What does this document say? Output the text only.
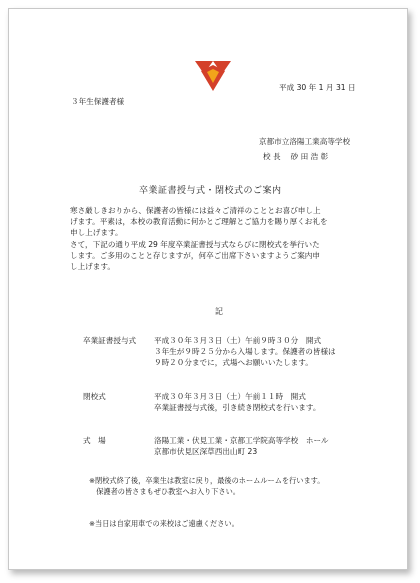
平成 30 年 1 月 31 日
３年生保護者様
京都市立洛陽工業高等学校
校 長　 砂 田 浩 彰
卒業証書授与式・閉校式のご案内
寒さ厳しきおりから、保護者の皆様には益々ご清祥のこととお喜び申し上
げます。平素は，本校の教育活動に何かとご理解とご協力を賜り厚くお礼を
申し上げます。
さて，下記の通り平成 29 年度卒業証書授与式ならびに閉校式を挙行いた
します。ご多用のことと存じますが，何卒ご出席下さいますようご案内申
し上げます。
記
卒業証書授与式 平成３０年３月３日（土）午前９時３０分　開式
３年生が９時２５分から入場します。保護者の皆様は
９時２０分までに，式場へお願いいたします。
閉校式	平成３０年３月３日（土）午前１１時　開式
卒業証書授与式後，引き続き閉校式を行います。
式　場	洛陽工業・伏見工業・京都工学院高等学校　ホール
京都市伏見区深草西出山町 23
※閉校式終了後，卒業生は教室に戻り，最後のホームルームを行います。
　保護者の皆さまもぜひ教室へお入り下さい。
※当日は自家用車での来校はご遠慮ください。
